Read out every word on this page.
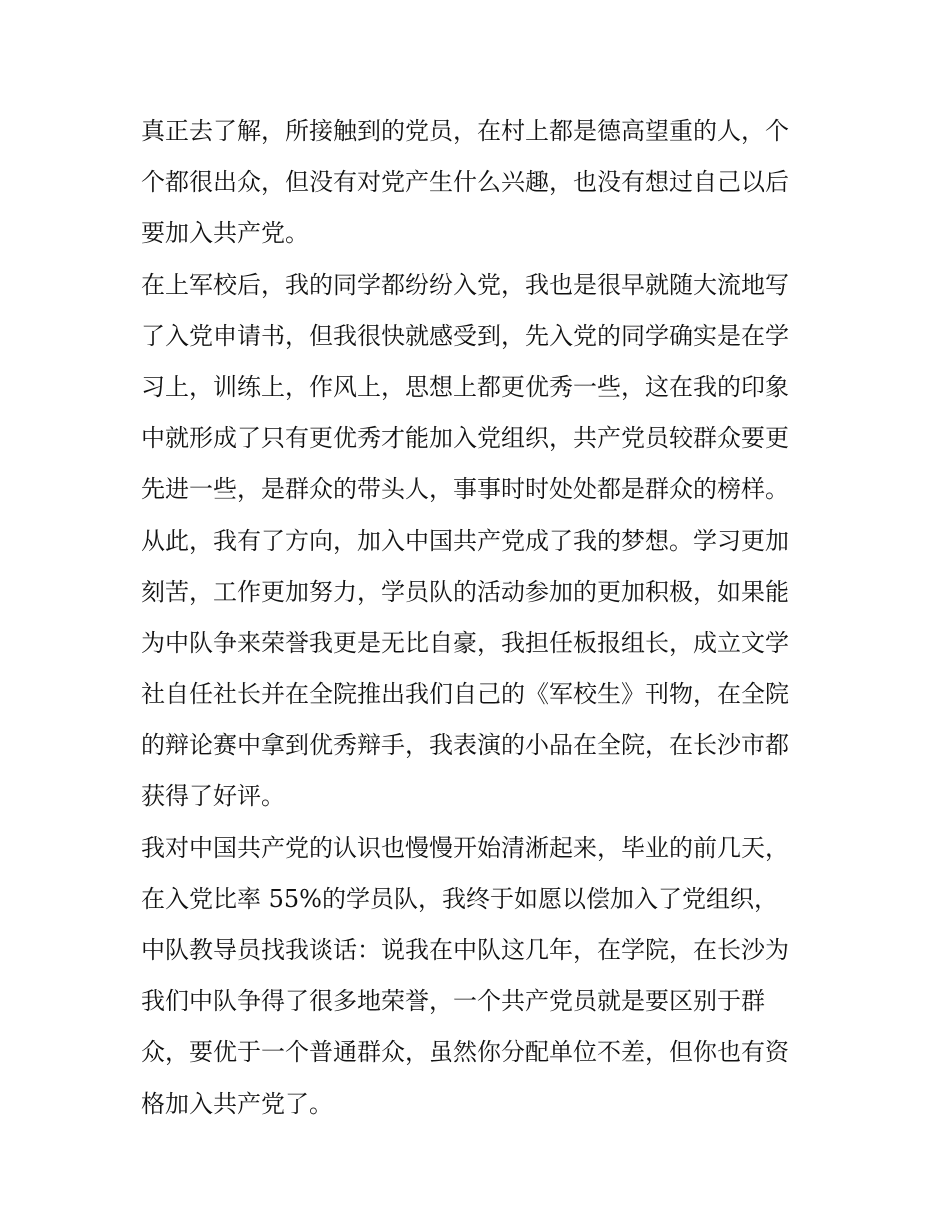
真正去了解，所接触到的党员，在村上都是德高望重的人，个
个都很出众，但没有对党产生什么兴趣，也没有想过自己以后
要加入共产党。
在上军校后，我的同学都纷纷入党，我也是很早就随大流地写
了入党申请书，但我很快就感受到，先入党的同学确实是在学
习上，训练上，作风上，思想上都更优秀一些，这在我的印象
中就形成了只有更优秀才能加入党组织，共产党员较群众要更
先进一些，是群众的带头人，事事时时处处都是群众的榜样。
从此，我有了方向，加入中国共产党成了我的梦想。学习更加
刻苦，工作更加努力，学员队的活动参加的更加积极，如果能
为中队争来荣誉我更是无比自豪，我担任板报组长，成立文学
社自任社长并在全院推出我们自己的《军校生》刊物，在全院
的辩论赛中拿到优秀辩手，我表演的小品在全院，在长沙市都
获得了好评。
我对中国共产党的认识也慢慢开始清淅起来，毕业的前几天，
在入党比率 55%的学员队，我终于如愿以偿加入了党组织，
中队教导员找我谈话：说我在中队这几年，在学院，在长沙为
我们中队争得了很多地荣誉，一个共产党员就是要区别于群
众，要优于一个普通群众，虽然你分配单位不差，但你也有资
格加入共产党了。
